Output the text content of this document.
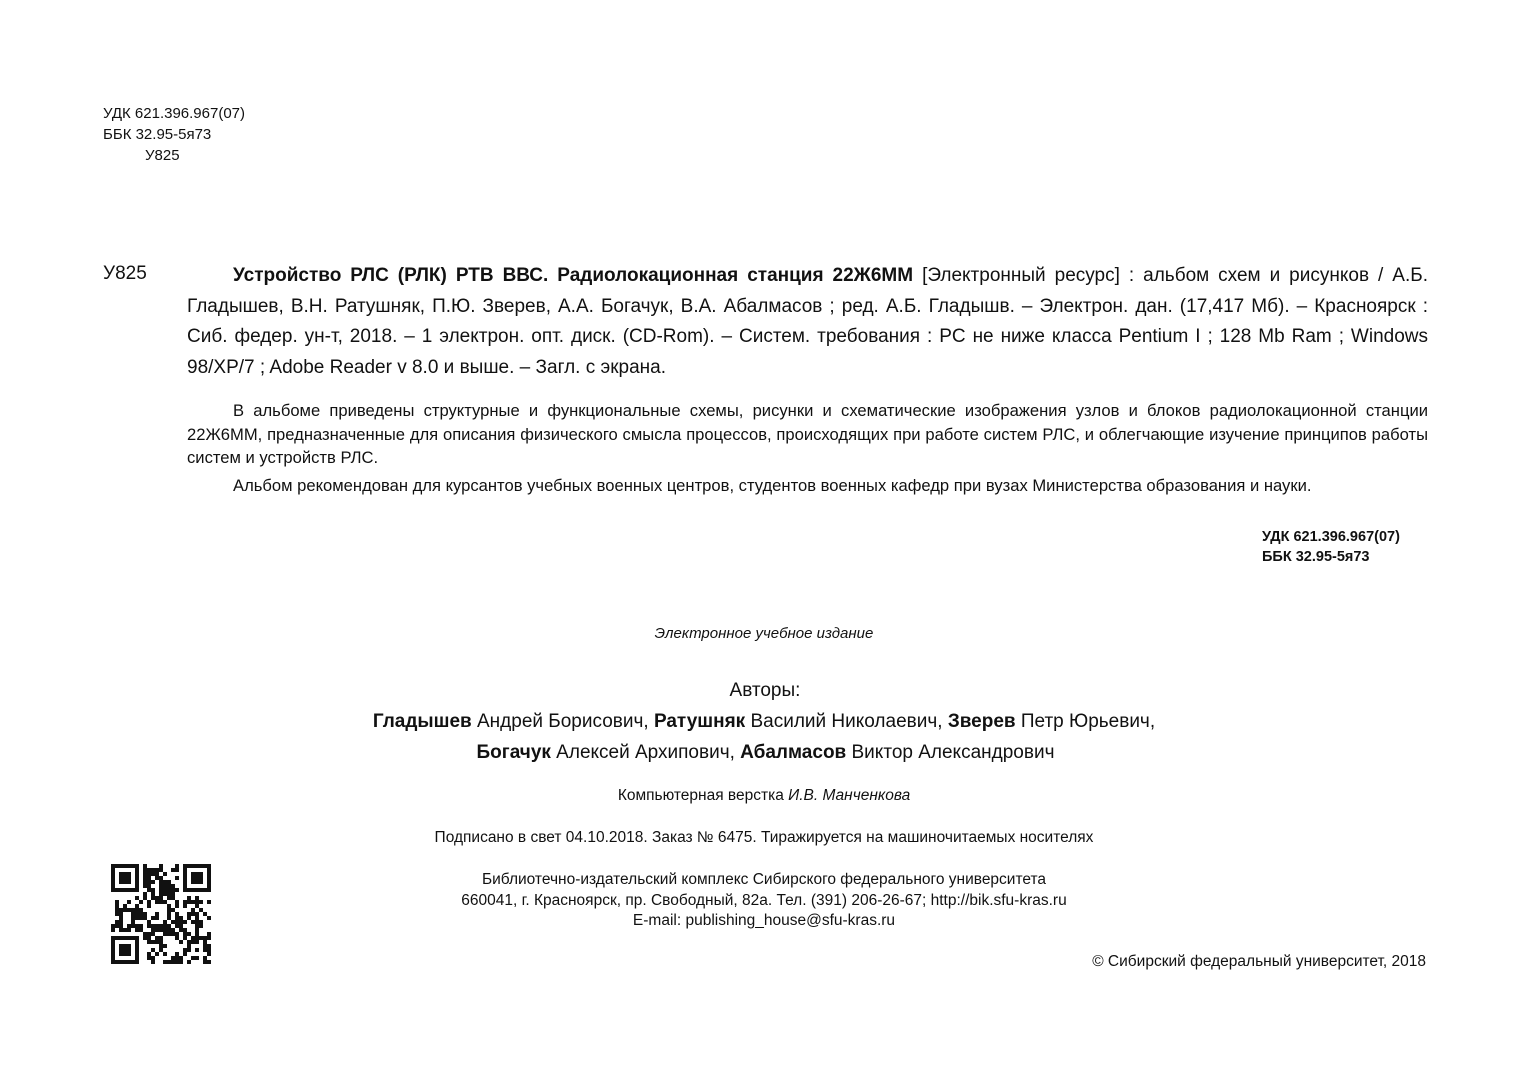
УДК 621.396.967(07)
ББК 32.95-5я73
У825
У825	Устройство РЛС (РЛК) РТВ ВВС. Радиолокационная станция 22Ж6ММ [Электронный ресурс] : альбом схем и рисунков / А.Б. Гладышев, В.Н. Ратушняк, П.Ю. Зверев, А.А. Богачук, В.А. Абалмасов ; ред. А.Б. Гладышв. – Электрон. дан. (17,417 Мб). – Красноярск : Сиб. федер. ун-т, 2018. – 1 электрон. опт. диск. (CD-Rom). – Систем. требования : PC не ниже класса Pentium I ; 128 Mb Ram ; Windows 98/XP/7 ; Adobe Reader v 8.0 и выше. – Загл. с экрана.

В альбоме приведены структурные и функциональные схемы, рисунки и схематические изображения узлов и блоков радиолокационной станции 22Ж6ММ, предназначенные для описания физического смысла процессов, происходящих при работе систем РЛС, и облегчающие изучение принципов работы систем и устройств РЛС.

Альбом рекомендован для курсантов учебных военных центров, студентов военных кафедр при вузах Министерства образования и науки.

УДК 621.396.967(07)
ББК 32.95-5я73
Электронное учебное издание
Авторы:
Гладышев Андрей Борисович, Ратушняк Василий Николаевич, Зверев Петр Юрьевич,
Богачук Алексей Архипович, Абалмасов Виктор Александрович
Компьютерная верстка И.В. Манченкова
Подписано в свет 04.10.2018. Заказ № 6475. Тиражируется на машиночитаемых носителях
Библиотечно-издательский комплекс Сибирского федерального университета
660041, г. Красноярск, пр. Свободный, 82а. Тел. (391) 206-26-67; http://bik.sfu-kras.ru
E-mail: publishing_house@sfu-kras.ru
© Сибирский федеральный университет, 2018
